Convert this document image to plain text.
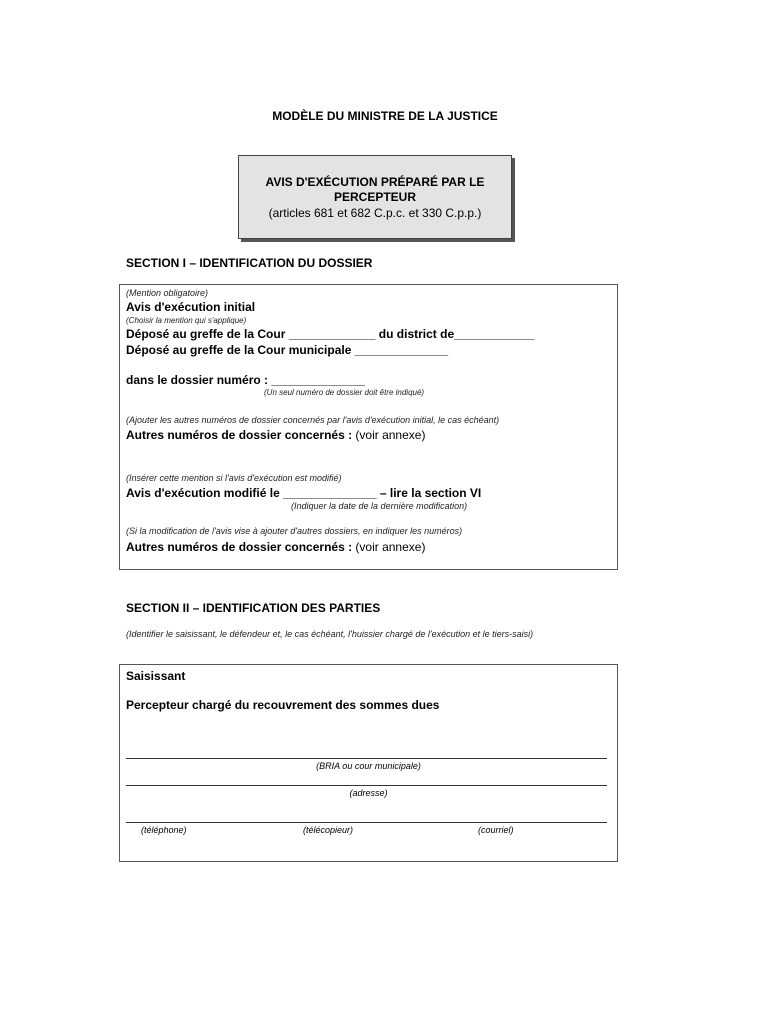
MODÈLE DU MINISTRE DE LA JUSTICE
AVIS D'EXÉCUTION PRÉPARÉ PAR LE
PERCEPTEUR
(articles 681 et 682 C.p.c. et 330 C.p.p.)
SECTION I – IDENTIFICATION DU DOSSIER
(Mention obligatoire)
Avis d'exécution initial
(Choisir la mention qui s'applique)
Déposé au greffe de la Cour _____________ du district de____________
Déposé au greffe de la Cour municipale ______________
dans le dossier numéro : ______________
(Un seul numéro de dossier doit être indiqué)
(Ajouter les autres numéros de dossier concernés par l'avis d'exécution initial, le cas échéant)
Autres numéros de dossier concernés : (voir annexe)
(Insérer cette mention si l'avis d'exécution est modifié)
Avis d'exécution modifié le ______________ – lire la section VI
(Indiquer la date de la dernière modification)
(Si la modification de l'avis vise à ajouter d'autres dossiers, en indiquer les numéros)
Autres numéros de dossier concernés : (voir annexe)
SECTION II – IDENTIFICATION DES PARTIES
(Identifier le saisissant, le défendeur et, le cas échéant, l'huissier chargé de l'exécution et le tiers-saisi)
Saisissant
Percepteur chargé du recouvrement des sommes dues
(BRIA ou cour municipale)
(adresse)
(téléphone)	(télécopieur)	(courriel)
